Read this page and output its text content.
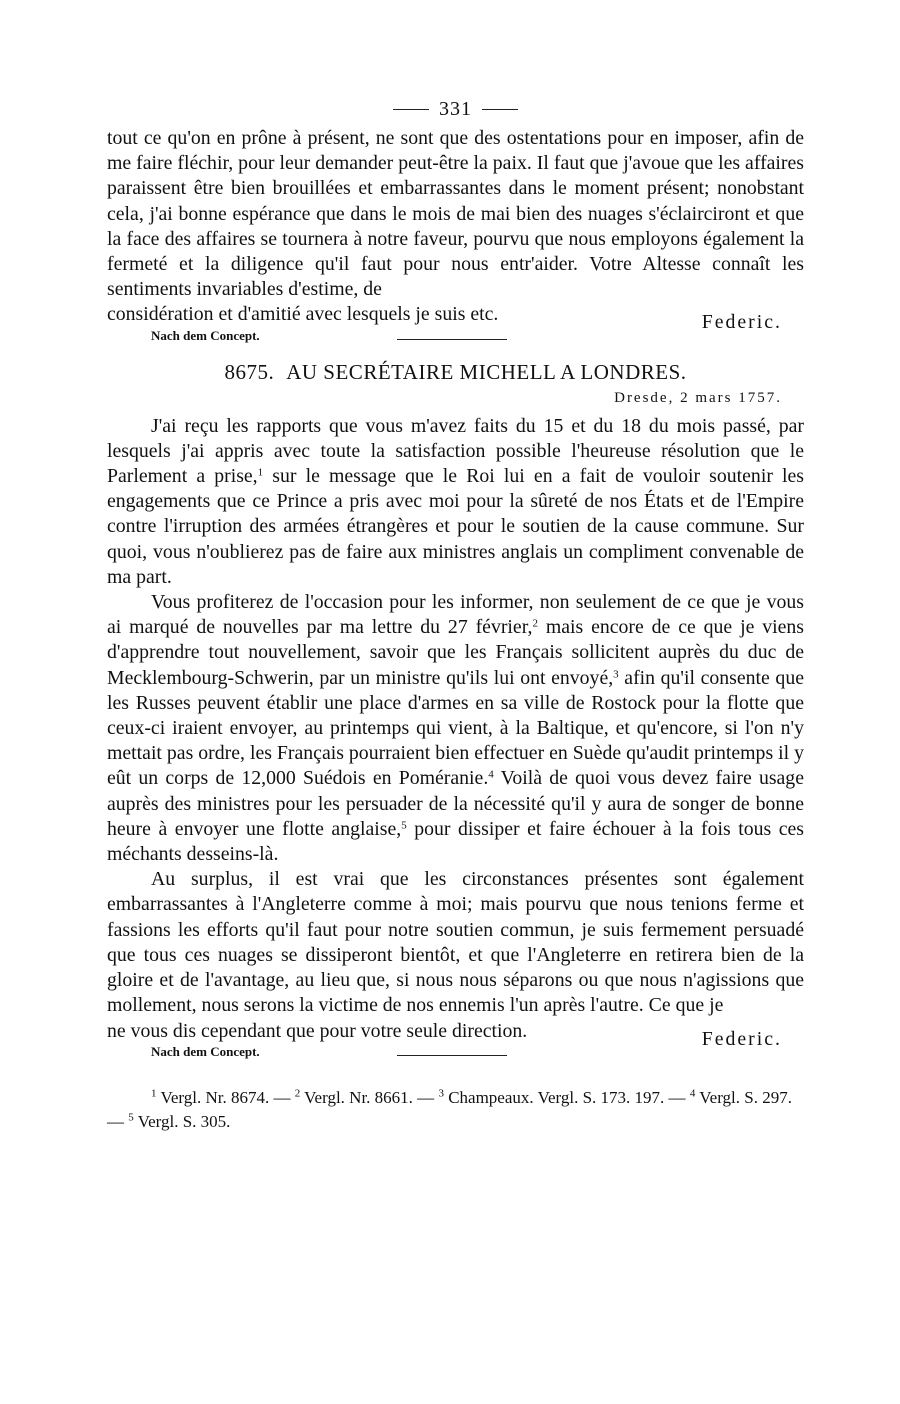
331

tout ce qu'on en prône à présent, ne sont que des ostentations pour en imposer, afin de me faire fléchir, pour leur demander peut-être la paix. Il faut que j'avoue que les affaires paraissent être bien brouillées et embarrassantes dans le moment présent; nonobstant cela, j'ai bonne espérance que dans le mois de mai bien des nuages s'éclairciront et que la face des affaires se tournera à notre faveur, pourvu que nous employons également la fermeté et la diligence qu'il faut pour nous entr'aider. Votre Altesse connaît les sentiments invariables d'estime, de

considération et d'amitié avec lesquels je suis etc.	Federic.
Nach dem Concept.
8675. AU SECRÉTAIRE MICHELL A LONDRES.
Dresde, 2 mars 1757.

J'ai reçu les rapports que vous m'avez faits du 15 et du 18 du mois passé, par lesquels j'ai appris avec toute la satisfaction possible l'heureuse résolution que le Parlement a prise,$^1$ sur le message que le Roi lui en a fait de vouloir soutenir les engagements que ce Prince a pris avec moi pour la sûreté de nos États et de l'Empire contre l'irruption des armées étrangères et pour le soutien de la cause commune. Sur quoi, vous n'oublierez pas de faire aux ministres anglais un compliment convenable de ma part.

Vous profiterez de l'occasion pour les informer, non seulement de ce que je vous ai marqué de nouvelles par ma lettre du 27 février,$^2$ mais encore de ce que je viens d'apprendre tout nouvellement, savoir que les Français sollicitent auprès du duc de Mecklembourg-Schwerin, par un ministre qu'ils lui ont envoyé,$^3$ afin qu'il consente que les Russes peuvent établir une place d'armes en sa ville de Rostock pour la flotte que ceux-ci iraient envoyer, au printemps qui vient, à la Baltique, et qu'encore, si l'on n'y mettait pas ordre, les Français pourraient bien effectuer en Suède qu'audit printemps il y eût un corps de 12,000 Suédois en Poméranie.$^4$ Voilà de quoi vous devez faire usage auprès des ministres pour les persuader de la nécessité qu'il y aura de songer de bonne heure à envoyer une flotte anglaise,$^5$ pour dissiper et faire échouer à la fois tous ces méchants desseins-là.

Au surplus, il est vrai que les circonstances présentes sont également embarrassantes à l'Angleterre comme à moi; mais pourvu que nous tenions ferme et fassions les efforts qu'il faut pour notre soutien commun, je suis fermement persuadé que tous ces nuages se dissiperont bientôt, et que l'Angleterre en retirera bien de la gloire et de l'avantage, au lieu que, si nous nous séparons ou que nous n'agissions que mollement, nous serons la victime de nos ennemis l'un après l'autre. Ce que je

ne vous dis cependant que pour votre seule direction.	Federic.
Nach dem Concept.

$^1$ Vergl. Nr. 8674. — $^2$ Vergl. Nr. 8661. — $^3$ Champeaux. Vergl. S. 173. 197. — $^4$ Vergl. S. 297. — $^5$ Vergl. S. 305.
